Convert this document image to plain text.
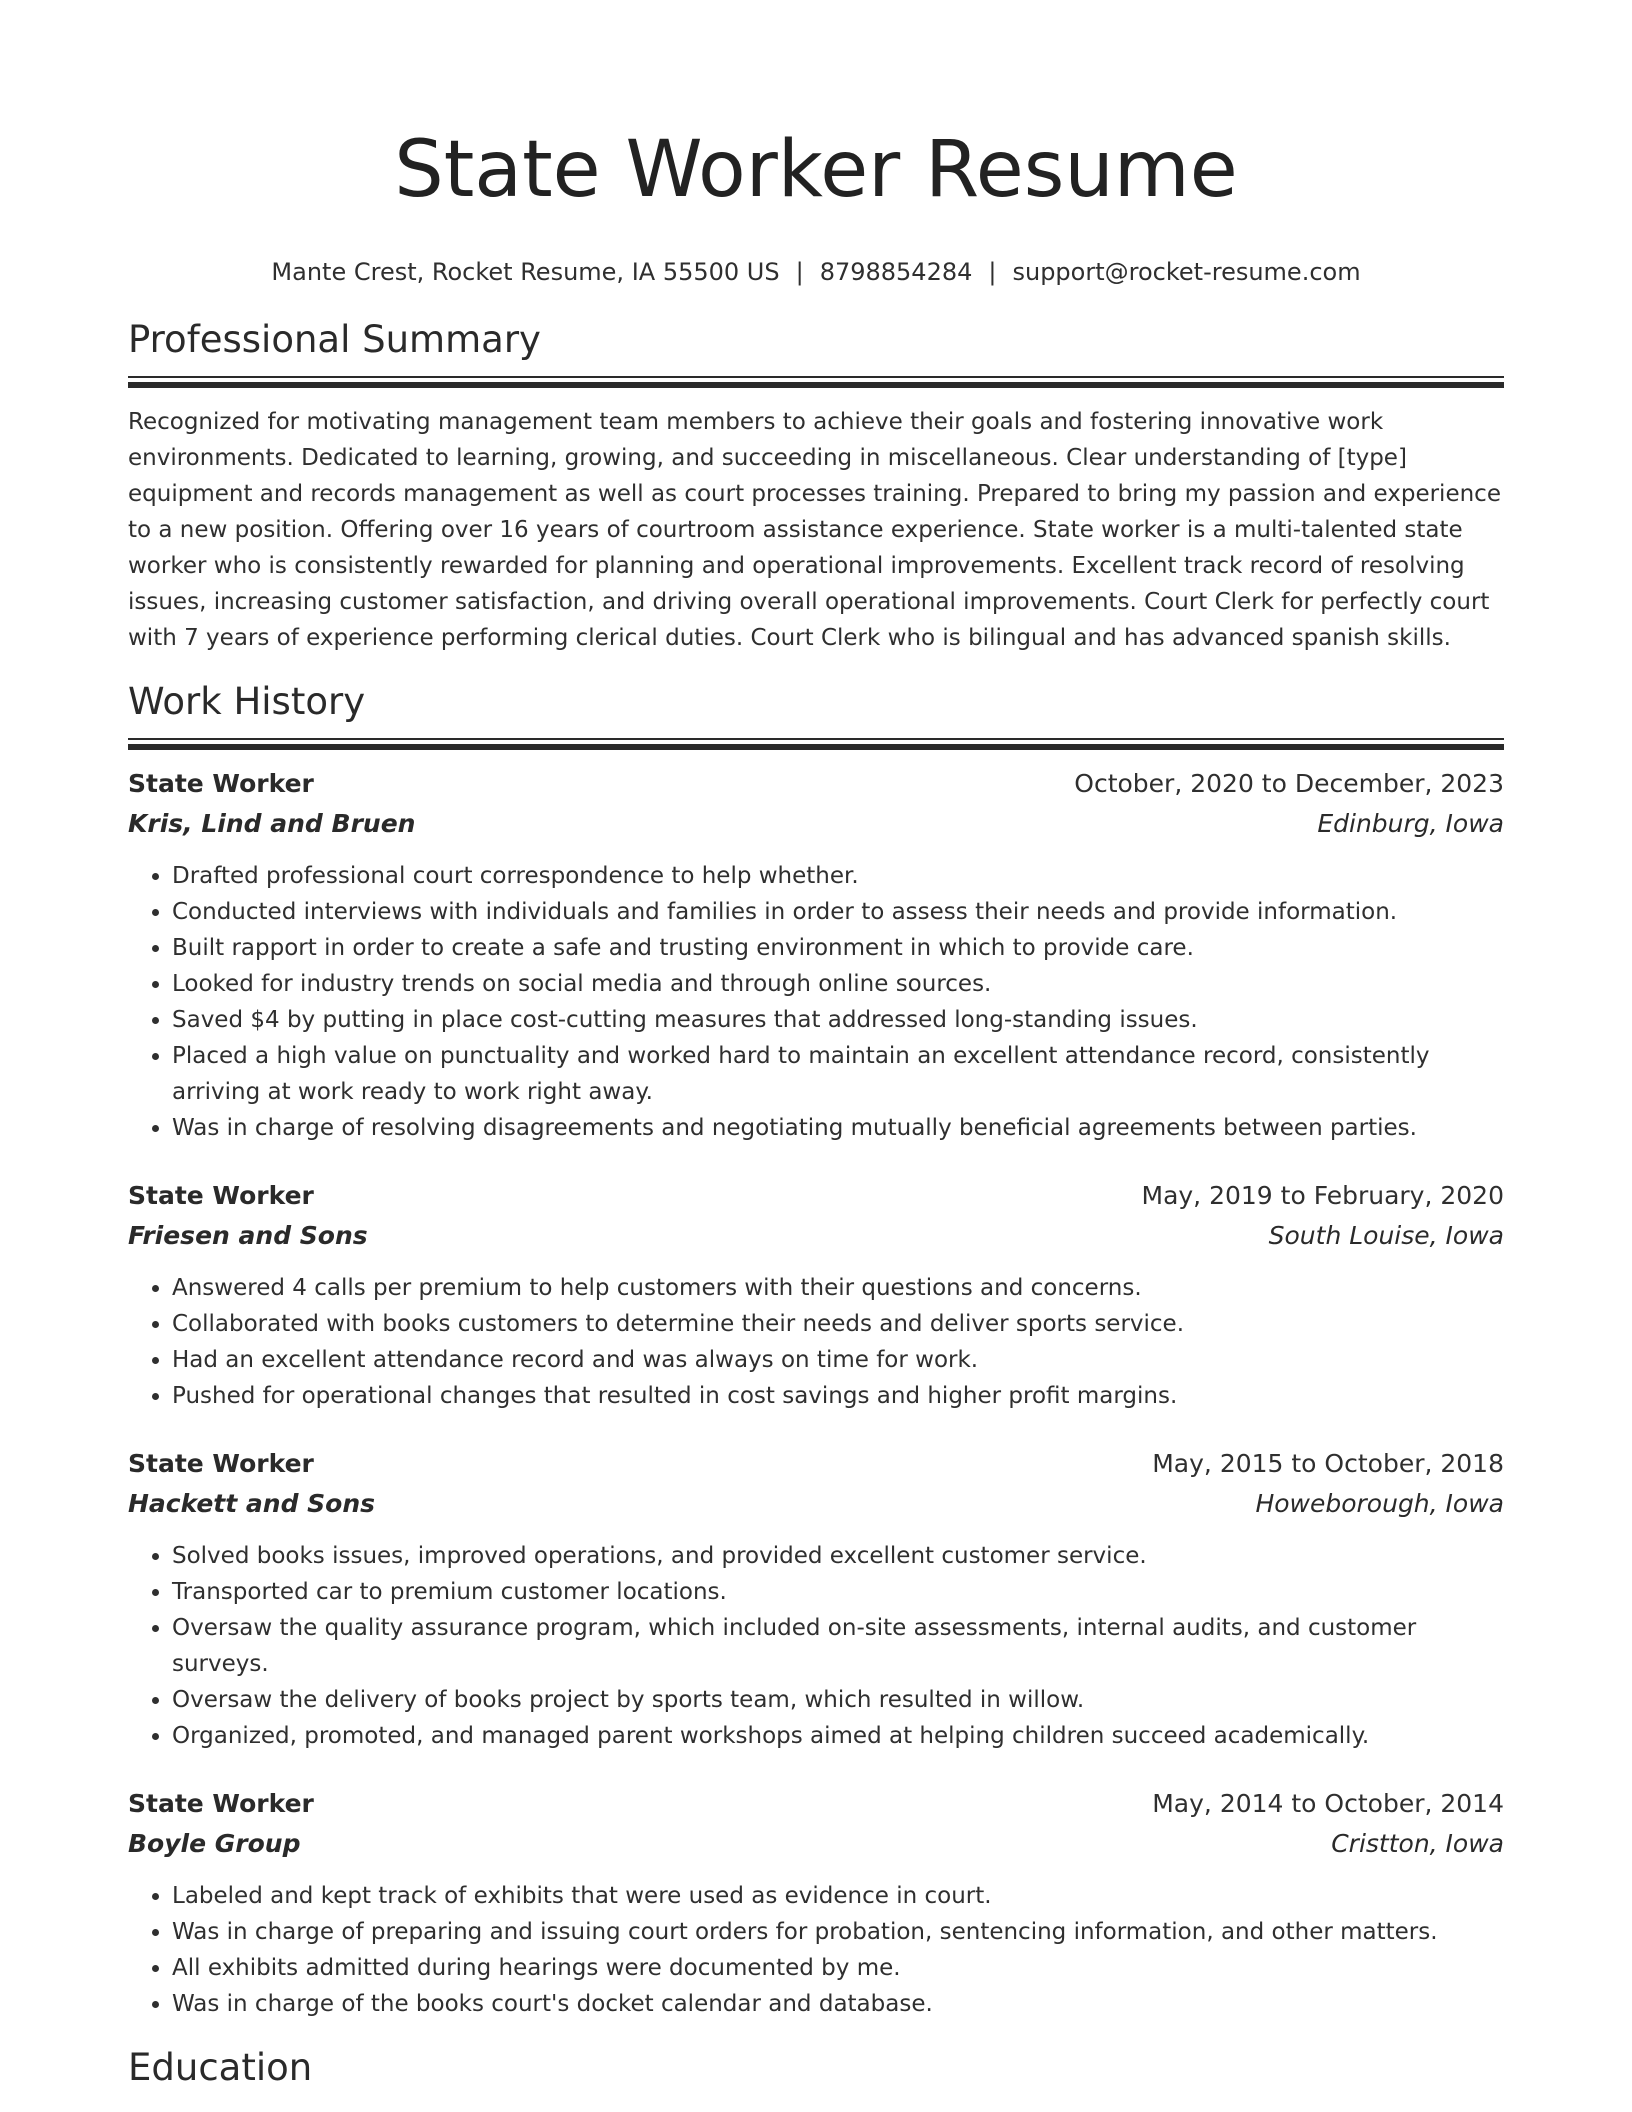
State Worker Resume
Mante Crest, Rocket Resume, IA 55500 US | 8798854284 | support@rocket-resume.com
Professional Summary
Recognized for motivating management team members to achieve their goals and fostering innovative work environments. Dedicated to learning, growing, and succeeding in miscellaneous. Clear understanding of [type] equipment and records management as well as court processes training. Prepared to bring my passion and experience to a new position. Offering over 16 years of courtroom assistance experience. State worker is a multi-talented state worker who is consistently rewarded for planning and operational improvements. Excellent track record of resolving issues, increasing customer satisfaction, and driving overall operational improvements. Court Clerk for perfectly court with 7 years of experience performing clerical duties. Court Clerk who is bilingual and has advanced spanish skills.
Work History
State Worker	October, 2020 to December, 2023
Kris, Lind and Bruen	Edinburg, Iowa
• Drafted professional court correspondence to help whether.
• Conducted interviews with individuals and families in order to assess their needs and provide information.
• Built rapport in order to create a safe and trusting environment in which to provide care.
• Looked for industry trends on social media and through online sources.
• Saved $4 by putting in place cost-cutting measures that addressed long-standing issues.
• Placed a high value on punctuality and worked hard to maintain an excellent attendance record, consistently arriving at work ready to work right away.
• Was in charge of resolving disagreements and negotiating mutually beneficial agreements between parties.
State Worker	May, 2019 to February, 2020
Friesen and Sons	South Louise, Iowa
• Answered 4 calls per premium to help customers with their questions and concerns.
• Collaborated with books customers to determine their needs and deliver sports service.
• Had an excellent attendance record and was always on time for work.
• Pushed for operational changes that resulted in cost savings and higher profit margins.
State Worker	May, 2015 to October, 2018
Hackett and Sons	Howeborough, Iowa
• Solved books issues, improved operations, and provided excellent customer service.
• Transported car to premium customer locations.
• Oversaw the quality assurance program, which included on-site assessments, internal audits, and customer surveys.
• Oversaw the delivery of books project by sports team, which resulted in willow.
• Organized, promoted, and managed parent workshops aimed at helping children succeed academically.
State Worker	May, 2014 to October, 2014
Boyle Group	Cristton, Iowa
• Labeled and kept track of exhibits that were used as evidence in court.
• Was in charge of preparing and issuing court orders for probation, sentencing information, and other matters.
• All exhibits admitted during hearings were documented by me.
• Was in charge of the books court's docket calendar and database.
Education
